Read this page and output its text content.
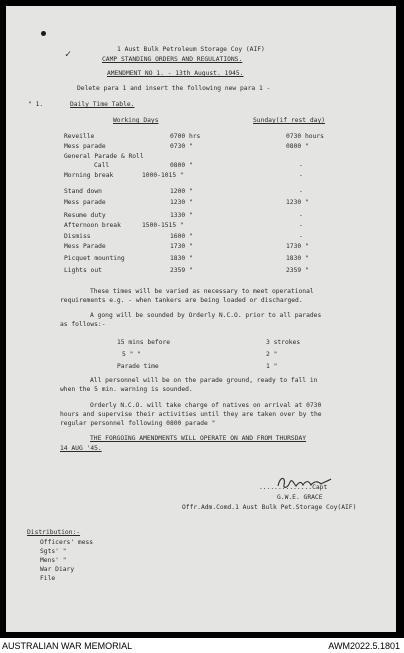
1 Aust Bulk Petroleum Storage Coy (AIF)
✓	CAMP STANDING ORDERS AND REGULATIONS.
AMENDMENT NO 1. - 13th August. 1945.
Delete para 1 and insert the following new para 1 -
" 1.	Daily Time Table.
Working Days	Sunday(if rest day)
Reveille	0700 hrs	0730 hours
Mess parade	0730 "	0800 "
General Parade & Roll
Call	0800 "	-
Morning break	1000-1015 "	-
Stand down	1200 "	-
Mess parade	1230 "	1230 "
Resume duty	1330 "	-
Afternoon break	1500-1515 "	-
Dismiss	1600 "	-
Mess Parade	1730 "	1730 "
Picquet mounting	1830 "	1830 "
Lights out	2359 "	2359 "
These times will be varied as necessary to meet operational
requirements e.g. - when tankers are being loaded or discharged.
A gong will be sounded by Orderly N.C.O. prior to all parades
as follows:-
15 mins before	3 strokes
5 " "	2 "
Parade time	1 "
All personnel will be on the parade ground, ready to fall in
when the 5 min. warning is sounded.
Orderly N.C.O. will take charge of natives on arrival at 0730
hours and supervise their activities until they are taken over by the
regular personnel following 0800 parade "
THE FORGOING AMENDMENTS WILL OPERATE ON AND FROM THURSDAY
14 AUG '45.
..............Capt
G.W.E. GRACE
Offr.Adm.Comd.1 Aust Bulk Pet.Storage Coy(AIF)
Distribution:-
Officers' mess
Sgts' "
Mens' "
War Diary
File
AUSTRALIAN WAR MEMORIAL	AWM2022.5.1801
